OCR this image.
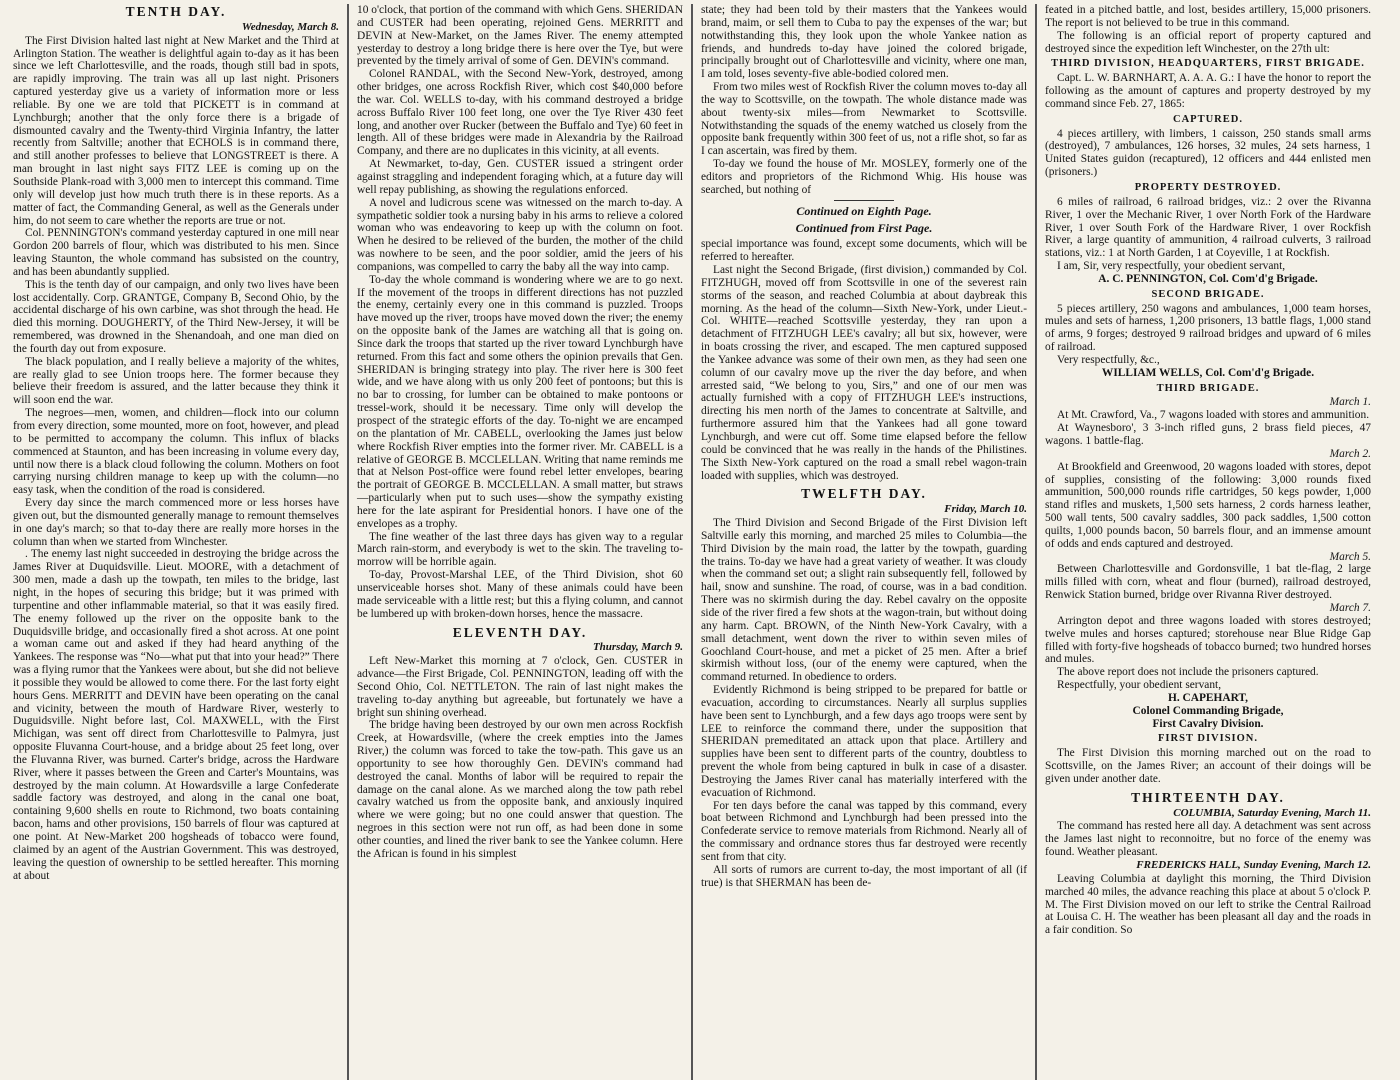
TENTH DAY.
Wednesday, March 8.

The First Division halted last night at New Market and the Third at Arlington Station. The weather is delightful again to-day as it has been since we left Charlottesville, and the roads, though still bad in spots, are rapidly improving. The train was all up last night. Prisoners captured yesterday give us a variety of information more or less reliable. By one we are told that PICKETT is in command at Lynchburgh; another that the only force there is a brigade of dismounted cavalry and the Twenty-third Virginia Infantry, the latter recently from Saltville; another that ECHOLS is in command there, and still another professes to believe that LONGSTREET is there. A man brought in last night says FITZ LEE is coming up on the Southside Plank-road with 3,000 men to intercept this command. Time only will develop just how much truth there is in these reports. As a matter of fact, the Commanding General, as well as the Generals under him, do not seem to care whether the reports are true or not.

Col. PENNINGTON's command yesterday captured in one mill near Gordon 200 barrels of flour, which was distributed to his men. Since leaving Staunton, the whole command has subsisted on the country, and has been abundantly supplied.

This is the tenth day of our campaign, and only two lives have been lost accidentally. Corp. GRANTGE, Company B, Second Ohio, by the accidental discharge of his own carbine, was shot through the head. He died this morning. DOUGHERTY, of the Third New-Jersey, it will be remembered, was drowned in the Shenandoah, and one man died on the fourth day out from exposure.

The black population, and I really believe a majority of the whites, are really glad to see Union troops here. The former because they believe their freedom is assured, and the latter because they think it will soon end the war.

The negroes—men, women, and children—flock into our column from every direction, some mounted, more on foot, however, and plead to be permitted to accompany the column. This influx of blacks commenced at Staunton, and has been increasing in volume every day, until now there is a black cloud following the column. Mothers on foot carrying nursing children manage to keep up with the column—no easy task, when the condition of the road is considered.

Every day since the march commenced more or less horses have given out, but the dismounted generally manage to remount themselves in one day's march; so that to-day there are really more horses in the column than when we started from Winchester.

. The enemy last night succeeded in destroying the bridge across the James River at Duquidsville. Lieut. MOORE, with a detachment of 300 men, made a dash up the towpath, ten miles to the bridge, last night, in the hopes of securing this bridge; but it was primed with turpentine and other inflammable material, so that it was easily fired. The enemy followed up the river on the opposite bank to the Duquidsville bridge, and occasionally fired a shot across. At one point a woman came out and asked if they had heard anything of the Yankees. The response was “No—what put that into your head?” There was a flying rumor that the Yankees were about, but she did not believe it possible they would be allowed to come there. For the last forty eight hours Gens. MERRITT and DEVIN have been operating on the canal and vicinity, between the mouth of Hardware River, westerly to Duguidsville. Night before last, Col. MAXWELL, with the First Michigan, was sent off direct from Charlottesville to Palmyra, just opposite Fluvanna Court-house, and a bridge about 25 feet long, over the Fluvanna River, was burned. Carter's bridge, across the Hardware River, where it passes between the Green and Carter's Mountains, was destroyed by the main column. At Howardsville a large Confederate saddle factory was destroyed, and along in the canal one boat, containing 9,600 shells en route to Richmond, two boats containing bacon, hams and other provisions, 150 barrels of flour was captured at one point. At New-Market 200 hogsheads of tobacco were found, claimed by an agent of the Austrian Government. This was destroyed, leaving the question of ownership to be settled hereafter. This morning at about

10 o'clock, that portion of the command with which Gens. SHERIDAN and CUSTER had been operating, rejoined Gens. MERRITT and DEVIN at New-Market, on the James River. The enemy attempted yesterday to destroy a long bridge there is here over the Tye, but were prevented by the timely arrival of some of Gen. DEVIN's command.

Colonel RANDAL, with the Second New-York, destroyed, among other bridges, one across Rockfish River, which cost $40,000 before the war. Col. WELLS to-day, with his command destroyed a bridge across Buffalo River 100 feet long, one over the Tye River 430 feet long, and another over Rucker (between the Buffalo and Tye) 60 feet in length. All of these bridges were made in Alexandria by the Railroad Company, and there are no duplicates in this vicinity, at all events.

At Newmarket, to-day, Gen. CUSTER issued a stringent order against straggling and independent foraging which, at a future day will well repay publishing, as showing the regulations enforced.

A novel and ludicrous scene was witnessed on the march to-day. A sympathetic soldier took a nursing baby in his arms to relieve a colored woman who was endeavoring to keep up with the column on foot. When he desired to be relieved of the burden, the mother of the child was nowhere to be seen, and the poor soldier, amid the jeers of his companions, was compelled to carry the baby all the way into camp.

To-day the whole command is wondering where we are to go next. If the movement of the troops in different directions has not puzzled the enemy, certainly every one in this command is puzzled. Troops have moved up the river, troops have moved down the river; the enemy on the opposite bank of the James are watching all that is going on. Since dark the troops that started up the river toward Lynchburgh have returned. From this fact and some others the opinion prevails that Gen. SHERIDAN is bringing strategy into play. The river here is 300 feet wide, and we have along with us only 200 feet of pontoons; but this is no bar to crossing, for lumber can be obtained to make pontoons or tressel-work, should it be necessary. Time only will develop the prospect of the strategic efforts of the day. To-night we are encamped on the plantation of Mr. CABELL, overlooking the James just below where Rockfish River empties into the former river. Mr. CABELL is a relative of GEORGE B. MCCLELLAN. Writing that name reminds me that at Nelson Post-office were found rebel letter envelopes, bearing the portrait of GEORGE B. MCCLELLAN. A small matter, but straws—particularly when put to such uses—show the sympathy existing here for the late aspirant for Presidential honors. I have one of the envelopes as a trophy.

The fine weather of the last three days has given way to a regular March rain-storm, and everybody is wet to the skin. The traveling to-morrow will be horrible again.

To-day, Provost-Marshal LEE, of the Third Division, shot 60 unserviceable horses shot. Many of these animals could have been made serviceable with a little rest; but this a flying column, and cannot be lumbered up with broken-down horses, hence the massacre.

ELEVENTH DAY.
Thursday, March 9.

Left New-Market this morning at 7 o'clock, Gen. CUSTER in advance—the First Brigade, Col. PENNINGTON, leading off with the Second Ohio, Col. NETTLETON. The rain of last night makes the traveling to-day anything but agreeable, but fortunately we have a bright sun shining overhead.

The bridge having been destroyed by our own men across Rockfish Creek, at Howardsville, (where the creek empties into the James River,) the column was forced to take the tow-path. This gave us an opportunity to see how thoroughly Gen. DEVIN's command had destroyed the canal. Months of labor will be required to repair the damage on the canal alone. As we marched along the tow path rebel cavalry watched us from the opposite bank, and anxiously inquired where we were going; but no one could answer that question. The negroes in this section were not run off, as had been done in some other counties, and lined the river bank to see the Yankee column. Here the African is found in his simplest

state; they had been told by their masters that the Yankees would brand, maim, or sell them to Cuba to pay the expenses of the war; but notwithstanding this, they look upon the whole Yankee nation as friends, and hundreds to-day have joined the colored brigade, principally brought out of Charlottesville and vicinity, where one man, I am told, loses seventy-five able-bodied colored men.

From two miles west of Rockfish River the column moves to-day all the way to Scottsville, on the towpath. The whole distance made was about twenty-six miles—from Newmarket to Scottsville. Notwithstanding the squads of the enemy watched us closely from the opposite bank frequently within 300 feet of us, not a rifle shot, so far as I can ascertain, was fired by them.

To-day we found the house of Mr. MOSLEY, formerly one of the editors and proprietors of the Richmond Whig. His house was searched, but nothing of

Continued on Eighth Page.
Continued from First Page.

special importance was found, except some documents, which will be referred to hereafter.

Last night the Second Brigade, (first division,) commanded by Col. FITZHUGH, moved off from Scottsville in one of the severest rain storms of the season, and reached Columbia at about daybreak this morning. As the head of the column—Sixth New-York, under Lieut.-Col. WHITE—reached Scottsville yesterday, they ran upon a detachment of FITZHUGH LEE's cavalry; all but six, however, were in boats crossing the river, and escaped. The men captured supposed the Yankee advance was some of their own men, as they had seen one column of our cavalry move up the river the day before, and when arrested said, “We belong to you, Sirs,” and one of our men was actually furnished with a copy of FITZHUGH LEE's instructions, directing his men north of the James to concentrate at Saltville, and furthermore assured him that the Yankees had all gone toward Lynchburgh, and were cut off. Some time elapsed before the fellow could be convinced that he was really in the hands of the Philistines. The Sixth New-York captured on the road a small rebel wagon-train loaded with supplies, which was destroyed.

TWELFTH DAY.
Friday, March 10.

The Third Division and Second Brigade of the First Division left Saltville early this morning, and marched 25 miles to Columbia—the Third Division by the main road, the latter by the towpath, guarding the trains. To-day we have had a great variety of weather. It was cloudy when the command set out; a slight rain subsequently fell, followed by hail, snow and sunshine. The road, of course, was in a bad condition. There was no skirmish during the day. Rebel cavalry on the opposite side of the river fired a few shots at the wagon-train, but without doing any harm. Capt. BROWN, of the Ninth New-York Cavalry, with a small detachment, went down the river to within seven miles of Goochland Court-house, and met a picket of 25 men. After a brief skirmish without loss, (our of the enemy were captured, when the command returned. In obedience to orders.

Evidently Richmond is being stripped to be prepared for battle or evacuation, according to circumstances. Nearly all surplus supplies have been sent to Lynchburgh, and a few days ago troops were sent by LEE to reinforce the command there, under the supposition that SHERIDAN premeditated an attack upon that place. Artillery and supplies have been sent to different parts of the country, doubtless to prevent the whole from being captured in bulk in case of a disaster. Destroying the James River canal has materially interfered with the evacuation of Richmond.

For ten days before the canal was tapped by this command, every boat between Richmond and Lynchburgh had been pressed into the Confederate service to remove materials from Richmond. Nearly all of the commissary and ordnance stores thus far destroyed were recently sent from that city.

All sorts of rumors are current to-day, the most important of all (if true) is that SHERMAN has been de-

feated in a pitched battle, and lost, besides artillery, 15,000 prisoners. The report is not believed to be true in this command.

The following is an official report of property captured and destroyed since the expedition left Winchester, on the 27th ult:

THIRD DIVISION, HEADQUARTERS, FIRST BRIGADE.

Capt. L. W. BARNHART, A. A. A. G.: I have the honor to report the following as the amount of captures and property destroyed by my command since Feb. 27, 1865:

CAPTURED.

4 pieces artillery, with limbers, 1 caisson, 250 stands small arms (destroyed), 7 ambulances, 126 horses, 32 mules, 24 sets harness, 1 United States guidon (recaptured), 12 officers and 444 enlisted men (prisoners.)

PROPERTY DESTROYED.

6 miles of railroad, 6 railroad bridges, viz.: 2 over the Rivanna River, 1 over the Mechanic River, 1 over North Fork of the Hardware River, 1 over South Fork of the Hardware River, 1 over Rockfish River, a large quantity of ammunition, 4 railroad culverts, 3 railroad stations, viz.: 1 at North Garden, 1 at Coyeville, 1 at Rockfish.

I am, Sir, very respectfully, your obedient servant,

A. C. PENNINGTON, Col. Com'd'g Brigade.
SECOND BRIGADE.

5 pieces artillery, 250 wagons and ambulances, 1,000 team horses, mules and sets of harness, 1,200 prisoners, 13 battle flags, 1,000 stand of arms, 9 forges; destroyed 9 railroad bridges and upward of 6 miles of railroad.

Very respectfully, &c.,

WILLIAM WELLS, Col. Com'd'g Brigade.
THIRD BRIGADE.
March 1.

At Mt. Crawford, Va., 7 wagons loaded with stores and ammunition.

At Waynesboro', 3 3-inch rifled guns, 2 brass field pieces, 47 wagons. 1 battle-flag.

March 2.

At Brookfield and Greenwood, 20 wagons loaded with stores, depot of supplies, consisting of the following: 3,000 rounds fixed ammunition, 500,000 rounds rifle cartridges, 50 kegs powder, 1,000 stand rifles and muskets, 1,500 sets harness, 2 cords harness leather, 500 wall tents, 500 cavalry saddles, 300 pack saddles, 1,500 cotton quilts, 1,000 pounds bacon, 50 barrels flour, and an immense amount of odds and ends captured and destroyed.

March 5.

Between Charlottesville and Gordonsville, 1 bat tle-flag, 2 large mills filled with corn, wheat and flour (burned), railroad destroyed, Renwick Station burned, bridge over Rivanna River destroyed.

March 7.

Arrington depot and three wagons loaded with stores destroyed; twelve mules and horses captured; storehouse near Blue Ridge Gap filled with forty-five hogsheads of tobacco burned; two hundred horses and mules.

The above report does not include the prisoners captured.

Respectfully, your obedient servant,

H. CAPEHART,
Colonel Commanding Brigade,
First Cavalry Division.
FIRST DIVISION.

The First Division this morning marched out on the road to Scottsville, on the James River; an account of their doings will be given under another date.

THIRTEENTH DAY.
COLUMBIA, Saturday Evening, March 11.

The command has rested here all day. A detachment was sent across the James last night to reconnoitre, but no force of the enemy was found. Weather pleasant.

FREDERICKS HALL, Sunday Evening, March 12.

Leaving Columbia at daylight this morning, the Third Division marched 40 miles, the advance reaching this place at about 5 o'clock P. M. The First Division moved on our left to strike the Central Railroad at Louisa C. H. The weather has been pleasant all day and the roads in a fair condition. So
